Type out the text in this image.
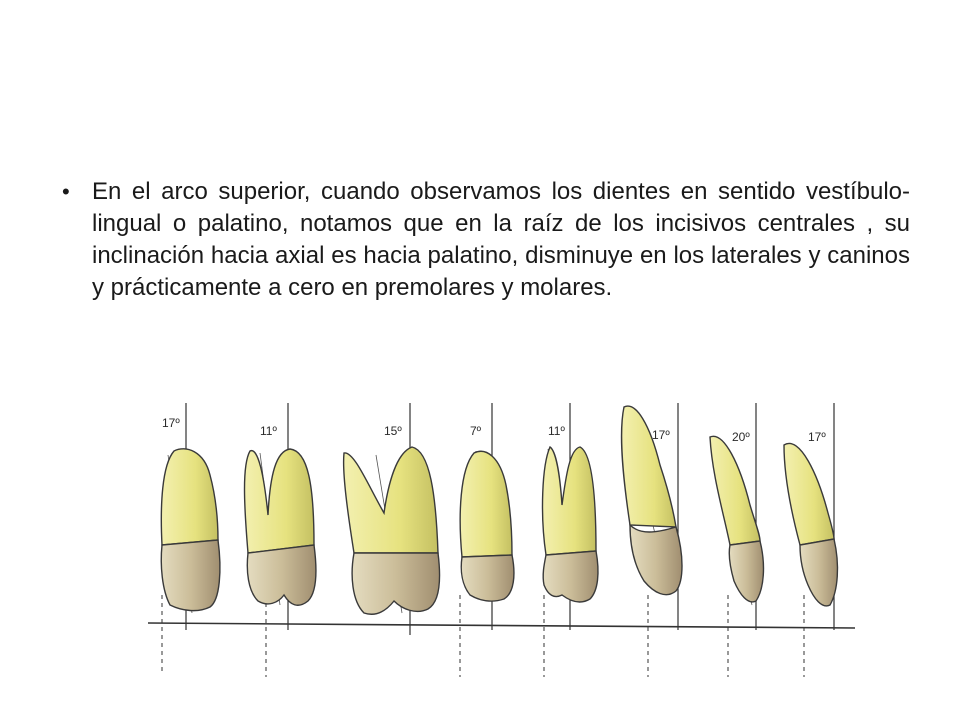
• En el arco superior, cuando observamos los dientes en sentido vestíbulo-lingual o palatino, notamos que en la raíz de los incisivos centrales , su inclinación hacia axial es hacia palatino, disminuye en los laterales y caninos y prácticamente a cero en premolares y molares.

17º
11º	15º	7º	11º	17º	20º	17º
